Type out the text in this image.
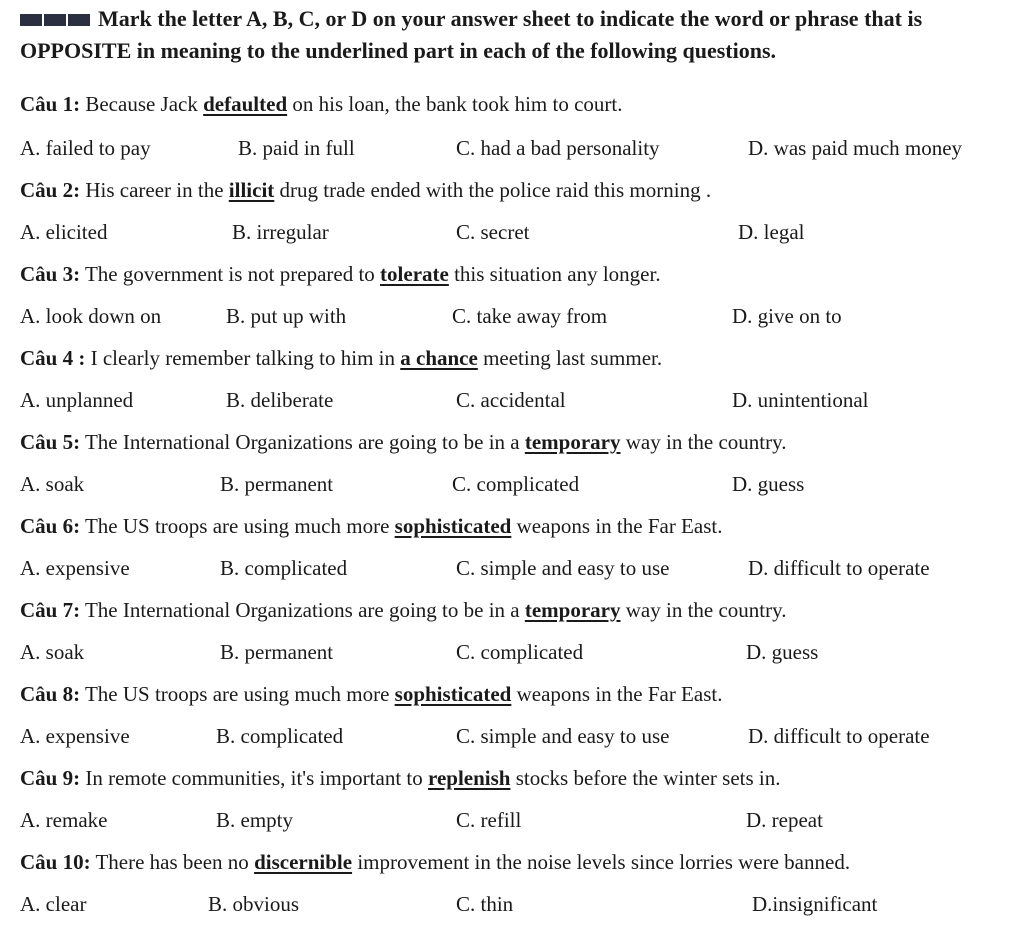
Mark the letter A, B, C, or D on your answer sheet to indicate the word or phrase that is OPPOSITE in meaning to the underlined part in each of the following questions.
Câu 1: Because Jack defaulted on his loan, the bank took him to court.
A. failed to pay	B. paid in full	C. had a bad personality	D. was paid much money
Câu 2: His career in the illicit drug trade ended with the police raid this morning .
A. elicited	B. irregular	C. secret	D. legal
Câu 3: The government is not prepared to tolerate this situation any longer.
A. look down on	B. put up with	C. take away from	D. give on to
Câu 4 : I clearly remember talking to him in a chance meeting last summer.
A. unplanned	B. deliberate	C. accidental	D. unintentional
Câu 5: The International Organizations are going to be in a temporary way in the country.
A. soak	B. permanent	C. complicated	D. guess
Câu 6: The US troops are using much more sophisticated weapons in the Far East.
A. expensive	B. complicated	C. simple and easy to use	D. difficult to operate
Câu 7: The International Organizations are going to be in a temporary way in the country.
A. soak	B. permanent	C. complicated	D. guess
Câu 8: The US troops are using much more sophisticated weapons in the Far East.
A. expensive	B. complicated	C. simple and easy to use	D. difficult to operate
Câu 9: In remote communities, it's important to replenish stocks before the winter sets in.
A. remake	B. empty	C. refill	D. repeat
Câu 10: There has been no discernible improvement in the noise levels since lorries were banned.
A. clear	B. obvious	C. thin	D.insignificant
